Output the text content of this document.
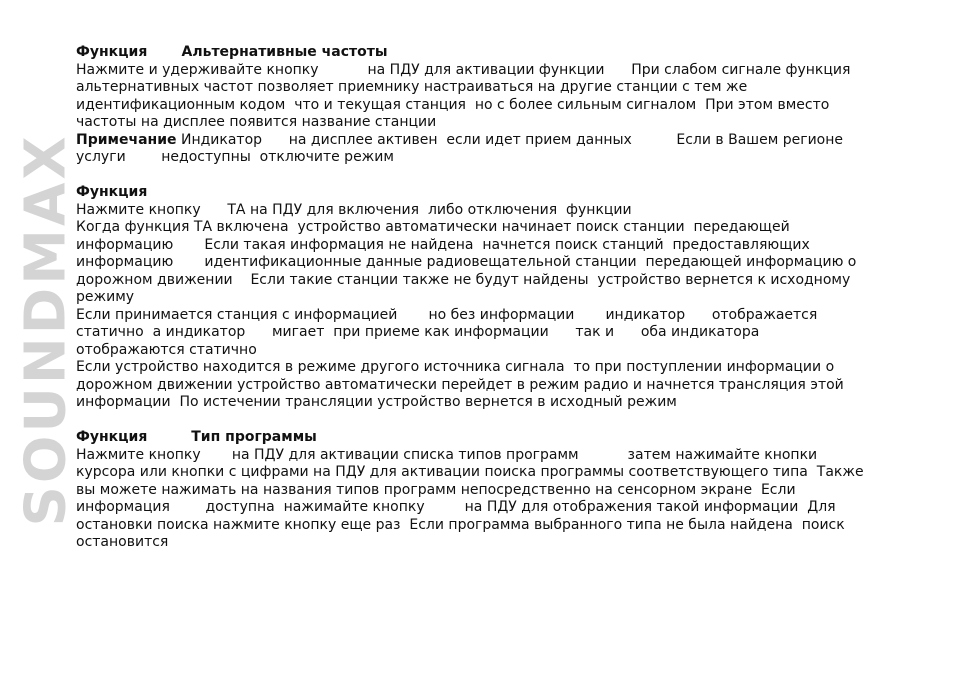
SOUNDMAX
Функция Альтернативные частоты
Нажмите и удерживайте кнопку           на ПДУ для активации функции      При слабом сигнале функция
альтернативных частот позволяет приемнику настраиваться на другие станции с тем же
идентификационным кодом  что и текущая станция  но с более сильным сигналом  При этом вместо
частоты на дисплее появится название станции
Примечание Индикатор      на дисплее активен  если идет прием данных          Если в Вашем регионе
услуги        недоступны  отключите режим
Функция
Нажмите кнопку      ТА на ПДУ для включения  либо отключения  функции
Когда функция ТА включена  устройство автоматически начинает поиск станции  передающей
информацию       Если такая информация не найдена  начнется поиск станций  предоставляющих
информацию       идентификационные данные радиовещательной станции  передающей информацию о
дорожном движении    Если такие станции также не будут найдены  устройство вернется к исходному
режиму
Если принимается станция с информацией       но без информации       индикатор      отображается
статично  а индикатор      мигает  при приеме как информации      так и      оба индикатора
отображаются статично
Если устройство находится в режиме другого источника сигнала  то при поступлении информации о
дорожном движении устройство автоматически перейдет в режим радио и начнется трансляция этой
информации  По истечении трансляции устройство вернется в исходный режим
Функция	Тип программы
Нажмите кнопку       на ПДУ для активации списка типов программ           затем нажимайте кнопки
курсора или кнопки с цифрами на ПДУ для активации поиска программы соответствующего типа  Также
вы можете нажимать на названия типов программ непосредственно на сенсорном экране  Если
информация        доступна  нажимайте кнопку         на ПДУ для отображения такой информации  Для
остановки поиска нажмите кнопку еще раз  Если программа выбранного типа не была найдена  поиск
остановится
